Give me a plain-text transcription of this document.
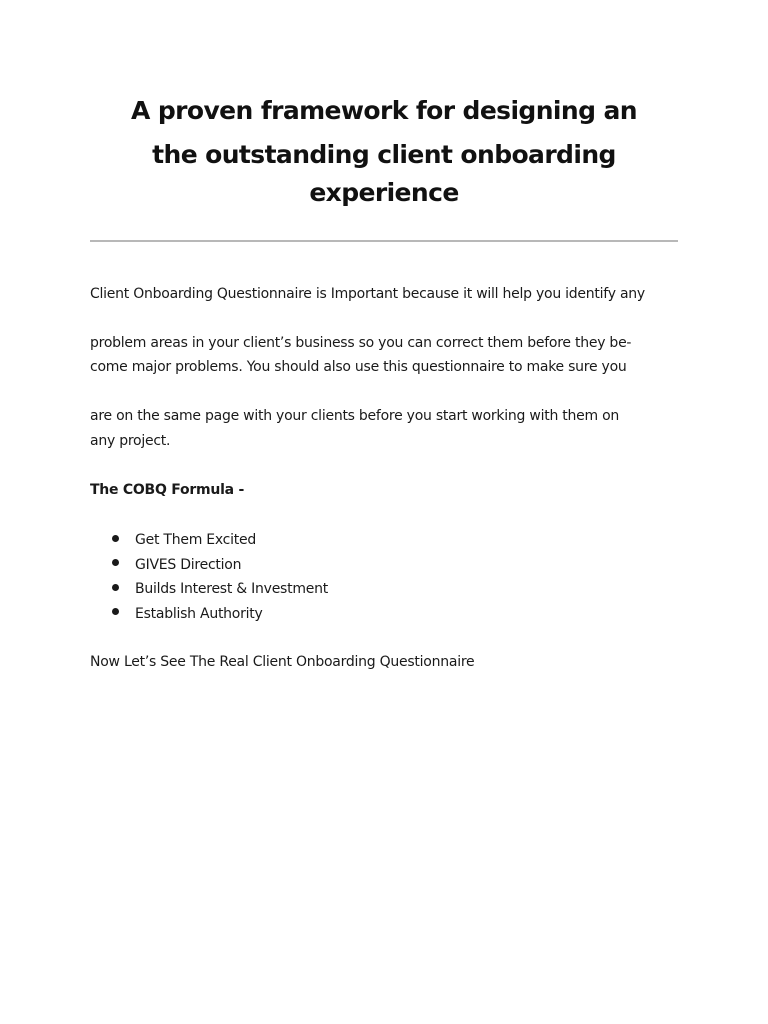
A proven framework for designing an
the outstanding client onboarding
experience

Client Onboarding Questionnaire is Important because it will help you identify any

problem areas in your client’s business so you can correct them before they be-

come major problems. You should also use this questionnaire to make sure you

are on the same page with your clients before you start working with them on

any project.

The COBQ Formula -

Get Them Excited
GIVES Direction
Builds Interest & Investment
Establish Authority

Now Let’s See The Real Client Onboarding Questionnaire
